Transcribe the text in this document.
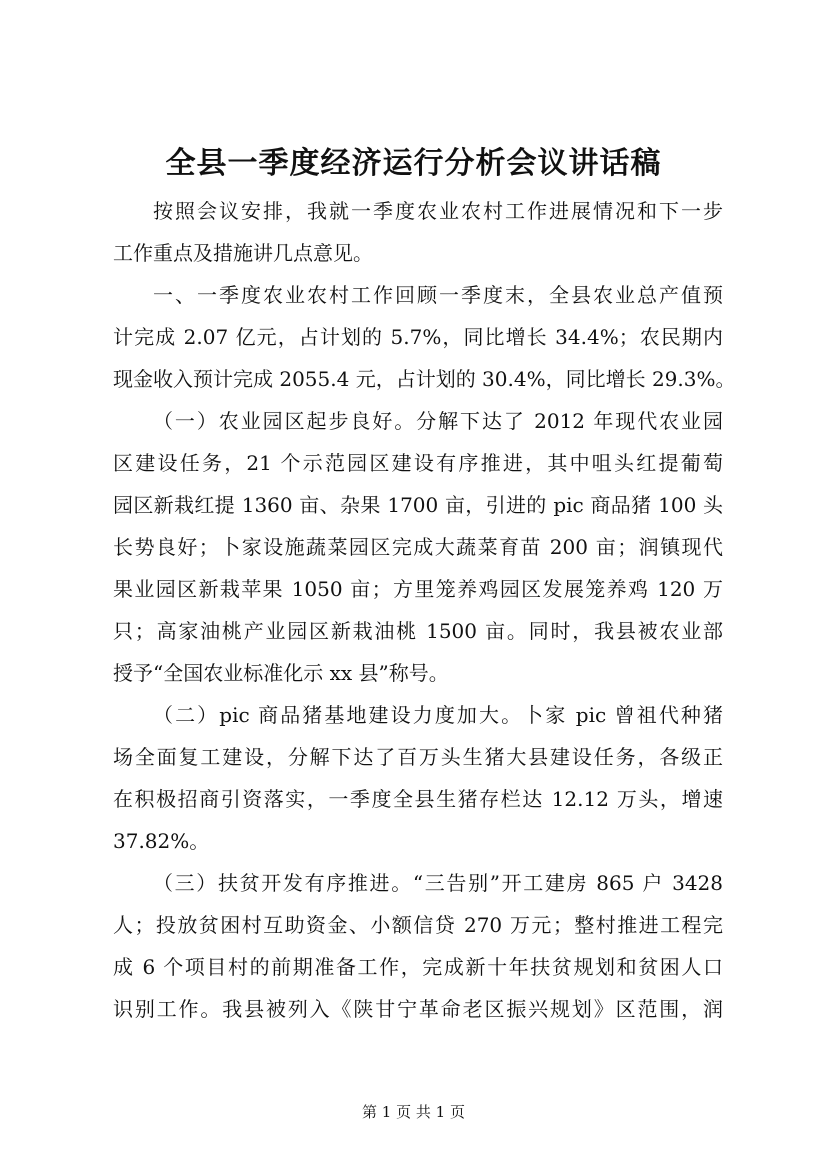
全县一季度经济运行分析会议讲话稿
按照会议安排，我就一季度农业农村工作进展情况和下一步
工作重点及措施讲几点意见。
一、一季度农业农村工作回顾一季度末，全县农业总产值预
计完成 2.07 亿元，占计划的 5.7%，同比增长 34.4%；农民期内
现金收入预计完成 2055.4 元，占计划的 30.4%，同比增长 29.3%。
（一）农业园区起步良好。分解下达了 2012 年现代农业园
区建设任务，21 个示范园区建设有序推进，其中咀头红提葡萄
园区新栽红提 1360 亩、杂果 1700 亩，引进的 pic 商品猪 100 头
长势良好；卜家设施蔬菜园区完成大蔬菜育苗 200 亩；润镇现代
果业园区新栽苹果 1050 亩；方里笼养鸡园区发展笼养鸡 120 万
只；高家油桃产业园区新栽油桃 1500 亩。同时，我县被农业部
授予“全国农业标准化示 xx 县”称号。
（二）pic 商品猪基地建设力度加大。卜家 pic 曾祖代种猪
场全面复工建设，分解下达了百万头生猪大县建设任务，各级正
在积极招商引资落实，一季度全县生猪存栏达 12.12 万头，增速
37.82%。
（三）扶贫开发有序推进。“三告别”开工建房 865 户 3428
人；投放贫困村互助资金、小额信贷 270 万元；整村推进工程完
成 6 个项目村的前期准备工作，完成新十年扶贫规划和贫困人口
识别工作。我县被列入《陕甘宁革命老区振兴规划》区范围，润
第 1 页 共 1 页
